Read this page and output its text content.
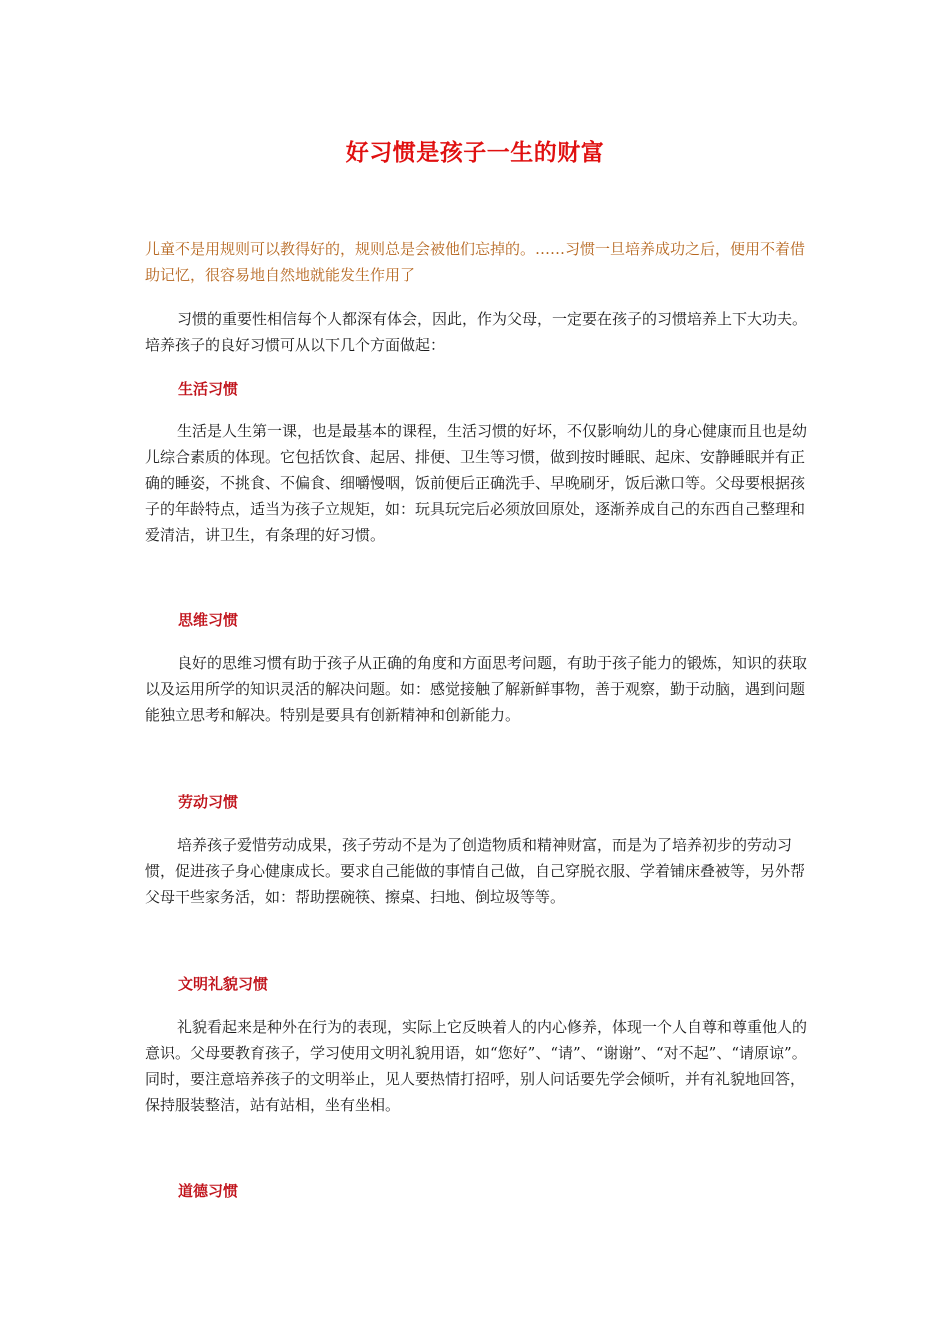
好习惯是孩子一生的财富
儿童不是用规则可以教得好的，规则总是会被他们忘掉的。……习惯一旦培养成功之后，便用不着借助记忆，很容易地自然地就能发生作用了
习惯的重要性相信每个人都深有体会，因此，作为父母，一定要在孩子的习惯培养上下大功夫。培养孩子的良好习惯可从以下几个方面做起：
生活习惯
生活是人生第一课，也是最基本的课程，生活习惯的好坏，不仅影响幼儿的身心健康而且也是幼儿综合素质的体现。它包括饮食、起居、排便、卫生等习惯，做到按时睡眠、起床、安静睡眠并有正确的睡姿，不挑食、不偏食、细嚼慢咽，饭前便后正确洗手、早晚刷牙，饭后漱口等。父母要根据孩子的年龄特点，适当为孩子立规矩，如：玩具玩完后必须放回原处，逐渐养成自己的东西自己整理和爱清洁，讲卫生，有条理的好习惯。
思维习惯
良好的思维习惯有助于孩子从正确的角度和方面思考问题，有助于孩子能力的锻炼，知识的获取以及运用所学的知识灵活的解决问题。如：感觉接触了解新鲜事物，善于观察，勤于动脑，遇到问题能独立思考和解决。特别是要具有创新精神和创新能力。
劳动习惯
培养孩子爱惜劳动成果，孩子劳动不是为了创造物质和精神财富，而是为了培养初步的劳动习惯，促进孩子身心健康成长。要求自己能做的事情自己做，自己穿脱衣服、学着铺床叠被等，另外帮父母干些家务活，如：帮助摆碗筷、擦桌、扫地、倒垃圾等等。
文明礼貌习惯
礼貌看起来是种外在行为的表现，实际上它反映着人的内心修养，体现一个人自尊和尊重他人的意识。父母要教育孩子，学习使用文明礼貌用语，如“您好”、“请”、“谢谢”、“对不起”、“请原谅”。同时，要注意培养孩子的文明举止，见人要热情打招呼，别人问话要先学会倾听，并有礼貌地回答，保持服装整洁，站有站相，坐有坐相。
道德习惯
